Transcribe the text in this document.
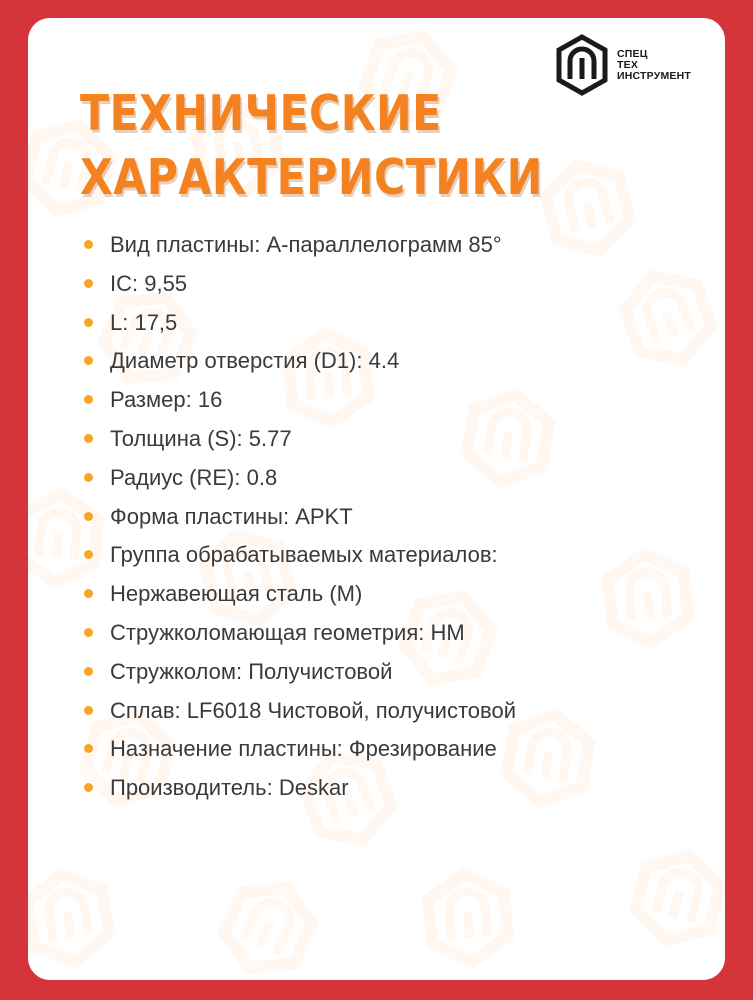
СПЕЦ
ТЕХ
ИНСТРУМЕНТ
ТЕХНИЧЕСКИЕ
ХАРАКТЕРИСТИКИ
Вид пластины: A-параллелограмм 85°
IC: 9,55
L: 17,5
Диаметр отверстия (D1): 4.4
Размер: 16
Толщина (S): 5.77
Радиус (RE): 0.8
Форма пластины: APKT
Группа обрабатываемых материалов:
Нержавеющая сталь (M)
Стружколомающая геометрия: HM
Стружколом: Получистовой
Сплав: LF6018 Чистовой, получистовой
Назначение пластины: Фрезирование
Производитель: Deskar
